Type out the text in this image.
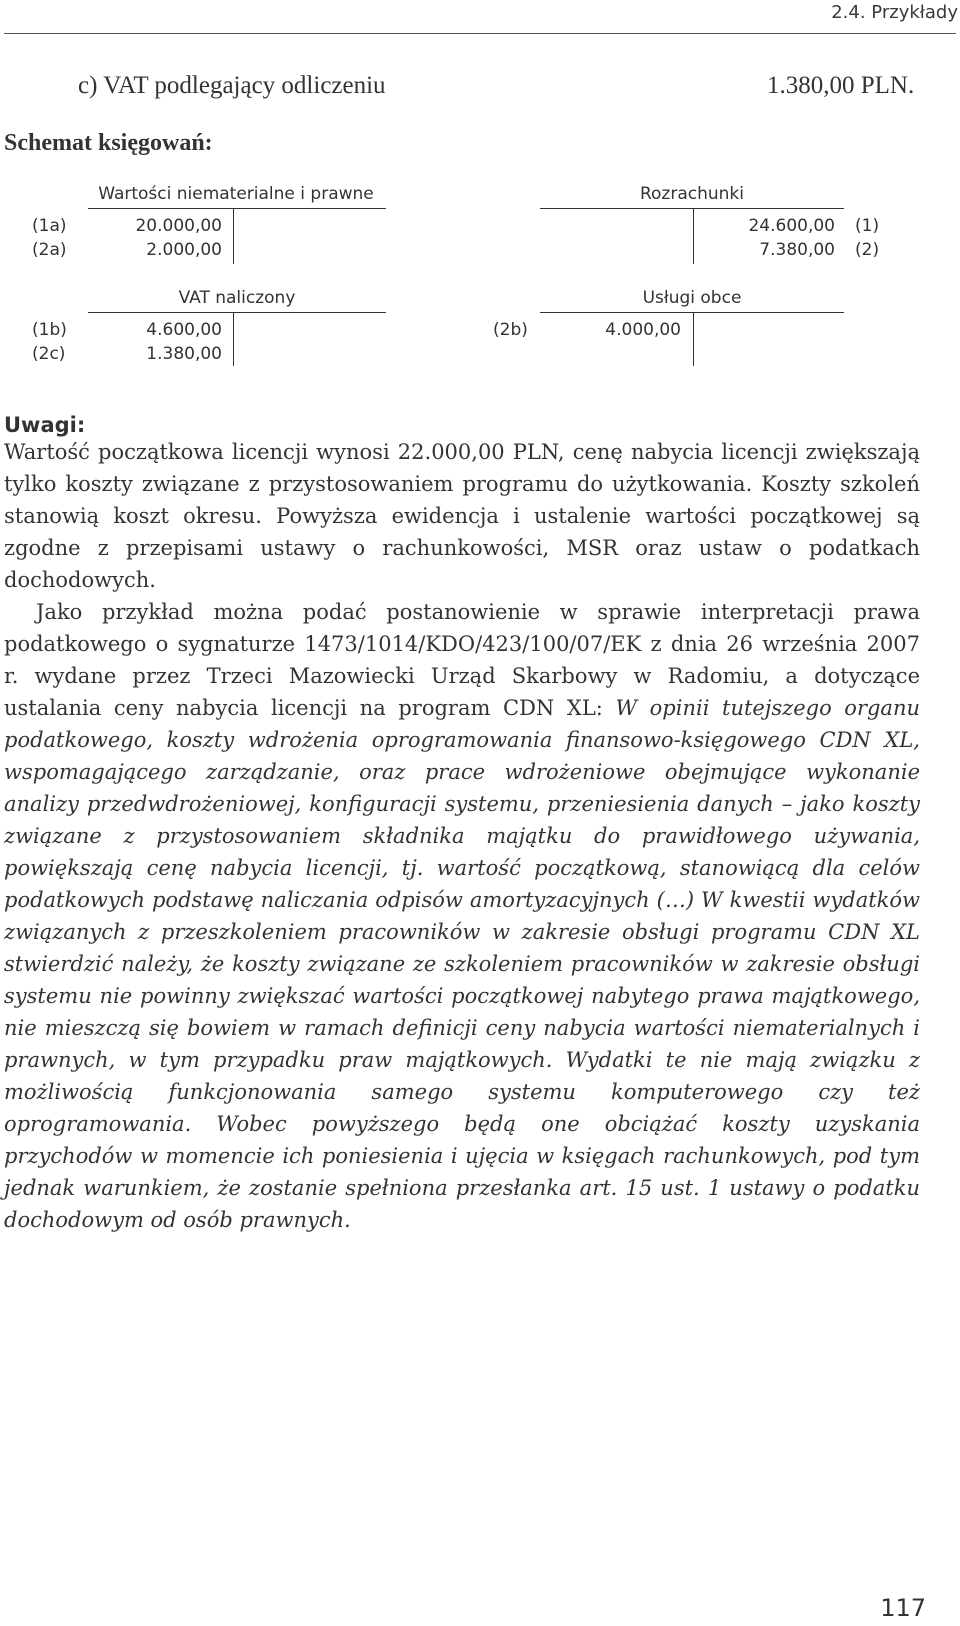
2.4. Przykłady
c) VAT podlegający odliczeniu	1.380,00 PLN.
Schemat księgowań:
Wartości niematerialne i prawne
(1a)	20.000,00
(2a)	2.000,00
Rozrachunki
24.600,00 (1)
7.380,00 (2)
VAT naliczony
(1b)	4.600,00
(2c)	1.380,00
Usługi obce
(2b)	4.000,00
Uwagi:

Wartość początkowa licencji wynosi 22.000,00 PLN, cenę nabycia licencji zwiększają tylko koszty związane z przystosowaniem programu do użytkowania. Koszty szkoleń stanowią koszt okresu. Powyższa ewidencja i ustalenie wartości początkowej są zgodne z przepisami ustawy o rachunkowości, MSR oraz ustaw o podatkach dochodowych.

Jako przykład można podać postanowienie w sprawie interpretacji prawa podatkowego o sygnaturze 1473/1014/KDO/423/100/07/EK z dnia 26 września 2007 r. wydane przez Trzeci Mazowiecki Urząd Skarbowy w Radomiu, a dotyczące ustalania ceny nabycia licencji na program CDN XL: W opinii tutejszego organu podatkowego, koszty wdrożenia oprogramowania finansowo-księgowego CDN XL, wspomagającego zarządzanie, oraz prace wdrożeniowe obejmujące wykonanie analizy przedwdrożeniowej, konfiguracji systemu, przeniesienia danych – jako koszty związane z przystosowaniem składnika majątku do prawidłowego używania, powiększają cenę nabycia licencji, tj. wartość początkową, stanowiącą dla celów podatkowych podstawę naliczania odpisów amortyzacyjnych (…) W kwestii wydatków związanych z przeszkoleniem pracowników w zakresie obsługi programu CDN XL stwierdzić należy, że koszty związane ze szkoleniem pracowników w zakresie obsługi systemu nie powinny zwiększać wartości początkowej nabytego prawa majątkowego, nie mieszczą się bowiem w ramach definicji ceny nabycia wartości niematerialnych i prawnych, w tym przypadku praw majątkowych. Wydatki te nie mają związku z możliwością funkcjonowania samego systemu komputerowego czy też oprogramowania. Wobec powyższego będą one obciążać koszty uzyskania przychodów w momencie ich poniesienia i ujęcia w księgach rachunkowych, pod tym jednak warunkiem, że zostanie spełniona przesłanka art. 15 ust. 1 ustawy o podatku dochodowym od osób prawnych.

117
